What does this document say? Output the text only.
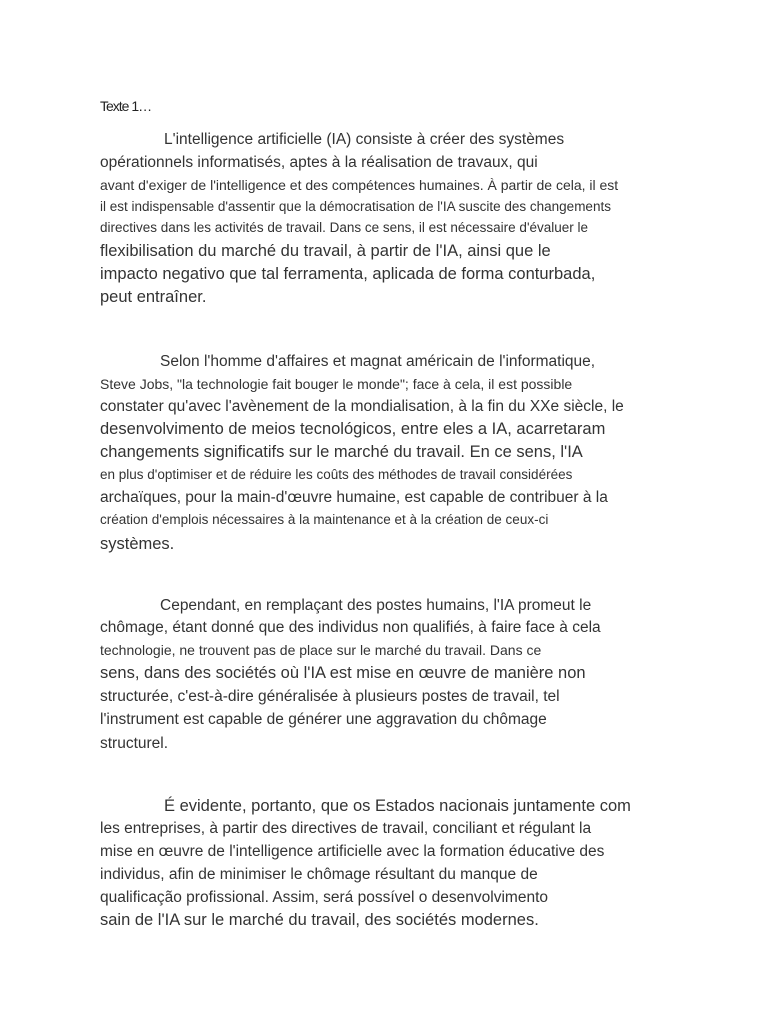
Texte 1…

L'intelligence artificielle (IA) consiste à créer des systèmes
opérationnels informatisés, aptes à la réalisation de travaux, qui
avant d'exiger de l'intelligence et des compétences humaines. À partir de cela, il est
il est indispensable d'assentir que la démocratisation de l'IA suscite des changements
directives dans les activités de travail. Dans ce sens, il est nécessaire d'évaluer le
flexibilisation du marché du travail, à partir de l'IA, ainsi que le
impacto negativo que tal ferramenta, aplicada de forma conturbada,
peut entraîner.
Selon l'homme d'affaires et magnat américain de l'informatique,
Steve Jobs, "la technologie fait bouger le monde"; face à cela, il est possible
constater qu'avec l'avènement de la mondialisation, à la fin du XXe siècle, le
desenvolvimento de meios tecnológicos, entre eles a IA, acarretaram
changements significatifs sur le marché du travail. En ce sens, l'IA
en plus d'optimiser et de réduire les coûts des méthodes de travail considérées
archaïques, pour la main-d'œuvre humaine, est capable de contribuer à la
création d'emplois nécessaires à la maintenance et à la création de ceux-ci
systèmes.
Cependant, en remplaçant des postes humains, l'IA promeut le
chômage, étant donné que des individus non qualifiés, à faire face à cela
technologie, ne trouvent pas de place sur le marché du travail. Dans ce
sens, dans des sociétés où l'IA est mise en œuvre de manière non
structurée, c'est-à-dire généralisée à plusieurs postes de travail, tel
l'instrument est capable de générer une aggravation du chômage
structurel.
É evidente, portanto, que os Estados nacionais juntamente com
les entreprises, à partir des directives de travail, conciliant et régulant la
mise en œuvre de l'intelligence artificielle avec la formation éducative des
individus, afin de minimiser le chômage résultant du manque de
qualificação profissional. Assim, será possível o desenvolvimento
sain de l'IA sur le marché du travail, des sociétés modernes.
